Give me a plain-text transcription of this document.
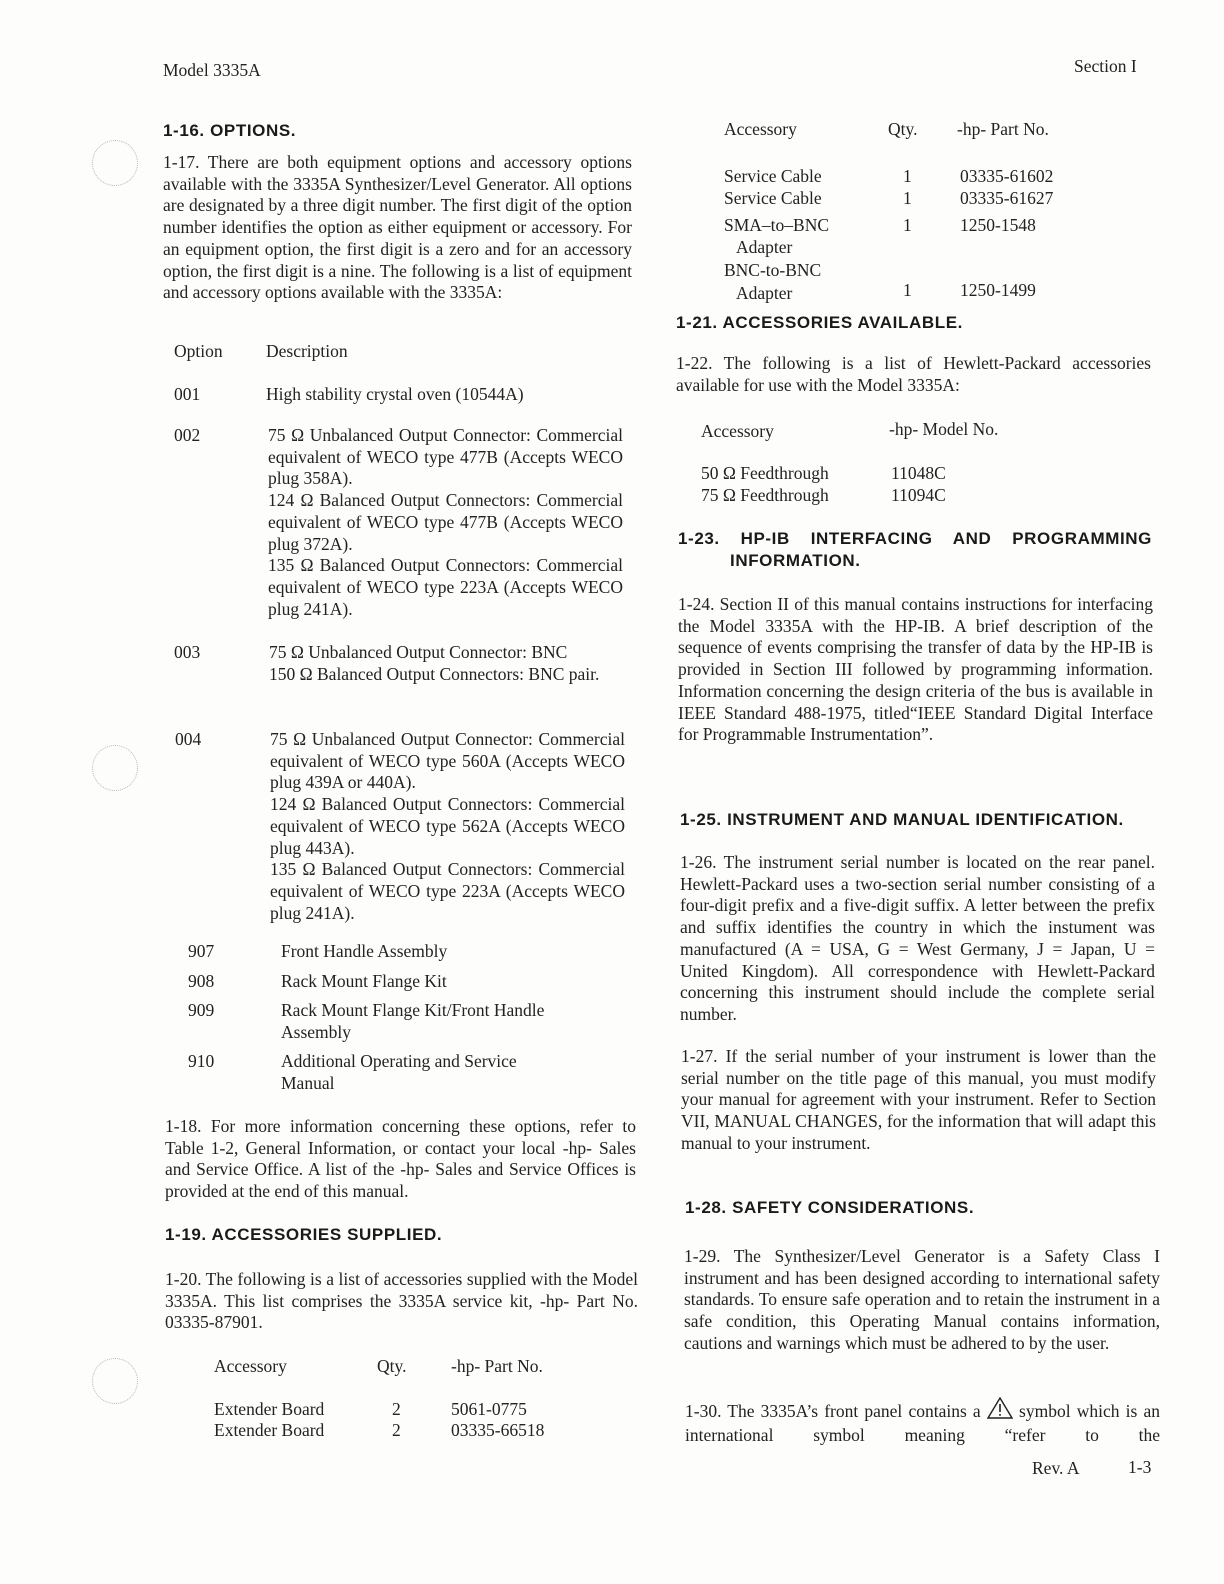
Model 3335A	Section I
1-16. OPTIONS.
1-17. There are both equipment options and accessory options available with the 3335A Synthesizer/Level Generator. All options are designated by a three digit number. The first digit of the option number identifies the option as either equipment or accessory. For an equipment option, the first digit is a zero and for an accessory option, the first digit is a nine. The following is a list of equipment and accessory options available with the 3335A:
Option Description
001	High stability crystal oven (10544A)
002	75 Ω Unbalanced Output Connector: Commercial equivalent of WECO type 477B (Accepts WECO plug 358A).
124 Ω Balanced Output Connectors: Commercial equivalent of WECO type 477B (Accepts WECO plug 372A).
135 Ω Balanced Output Connectors: Commercial equivalent of WECO type 223A (Accepts WECO plug 241A).
003	75 Ω Unbalanced Output Connector: BNC
150 Ω Balanced Output Connectors: BNC pair.
004	75 Ω Unbalanced Output Connector: Commercial equivalent of WECO type 560A (Accepts WECO plug 439A or 440A).
124 Ω Balanced Output Connectors: Commercial equivalent of WECO type 562A (Accepts WECO plug 443A).
135 Ω Balanced Output Connectors: Commercial equivalent of WECO type 223A (Accepts WECO plug 241A).
907	Front Handle Assembly
908	Rack Mount Flange Kit
909	Rack Mount Flange Kit/Front Handle Assembly
910	Additional Operating and Service Manual
1-18. For more information concerning these options, refer to Table 1-2, General Information, or contact your local -hp- Sales and Service Office. A list of the -hp- Sales and Service Offices is provided at the end of this manual.
1-19. ACCESSORIES SUPPLIED.
1-20. The following is a list of accessories supplied with the Model 3335A. This list comprises the 3335A service kit, -hp- Part No. 03335-87901.
Accessory	Qty.	-hp- Part No.
Extender Board	2	5061-0775
Extender Board	2	03335-66518
Accessory	Qty. -hp- Part No.
Service Cable	1	03335-61602
Service Cable	1	03335-61627
SMA–to–BNC
Adapter
1	1250-1548
BNC-to-BNC
Adapter	1	1250-1499
1-21. ACCESSORIES AVAILABLE.
1-22. The following is a list of Hewlett-Packard accessories available for use with the Model 3335A:
Accessory	-hp- Model No.
50 Ω Feedthrough	11048C
75 Ω Feedthrough	11094C
1-23. HP-IB INTERFACING AND PROGRAMMING
INFORMATION.
1-24. Section II of this manual contains instructions for interfacing the Model 3335A with the HP-IB. A brief description of the sequence of events comprising the transfer of data by the HP-IB is provided in Section III followed by programming information. Information concerning the design criteria of the bus is available in IEEE Standard 488-1975, titled“IEEE Standard Digital Interface for Programmable Instrumentation”.
1-25. INSTRUMENT AND MANUAL IDENTIFICATION.
1-26. The instrument serial number is located on the rear panel. Hewlett-Packard uses a two-section serial number consisting of a four-digit prefix and a five-digit suffix. A letter between the prefix and suffix identifies the country in which the instument was manufactured (A = USA, G = West Germany, J = Japan, U = United Kingdom). All correspondence with Hewlett-Packard concerning this instrument should include the complete serial number.
1-27. If the serial number of your instrument is lower than the serial number on the title page of this manual, you must modify your manual for agreement with your instrument. Refer to Section VII, MANUAL CHANGES, for the information that will adapt this manual to your instrument.
1-28. SAFETY CONSIDERATIONS.
1-29. The Synthesizer/Level Generator is a Safety Class I instrument and has been designed according to international safety standards. To ensure safe operation and to retain the instrument in a safe condition, this Operating Manual contains information, cautions and warnings which must be adhered to by the user.
1-30. The 3335A’s front panel contains a symbol which is an international symbol meaning “refer to the
Rev. A	1-3
